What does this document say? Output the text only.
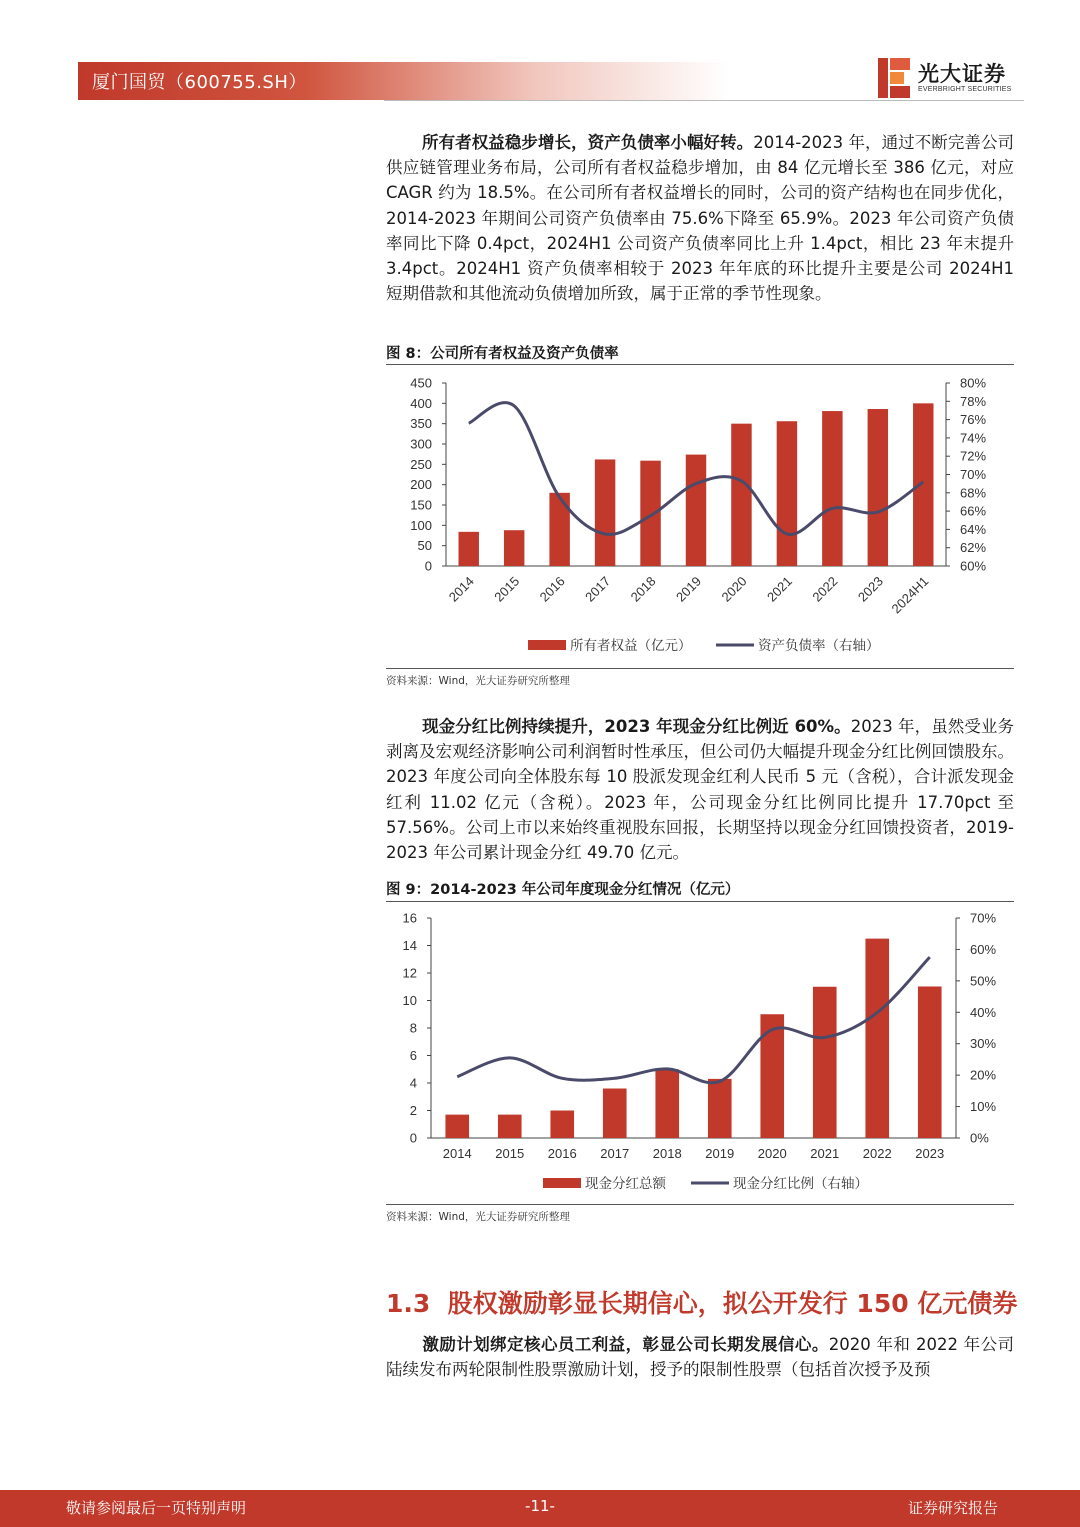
厦门国贸（600755.SH）	光大证券
EVERBRIGHT SECURITIES
所有者权益稳步增长，资产负债率小幅好转。2014-2023 年，通过不断完善公司供应链管理业务布局，公司所有者权益稳步增加，由 84 亿元增长至 386 亿元，对应 CAGR 约为 18.5%。在公司所有者权益增长的同时，公司的资产结构也在同步优化，2014-2023 年期间公司资产负债率由 75.6%下降至 65.9%。2023 年公司资产负债率同比下降 0.4pct，2024H1 公司资产负债率同比上升 1.4pct，相比 23 年末提升 3.4pct。2024H1 资产负债率相较于 2023 年年底的环比提升主要是公司 2024H1 短期借款和其他流动负债增加所致，属于正常的季节性现象。
图 8：公司所有者权益及资产负债率
0
50
100
150
200
250
300
350
400
450
60%
62%
64%
66%
68%
70%
72%
74%
76%
78%
80%
2014 2015 2016 2017 2018 2019 2020 2021 2022 2023 2024H1
所有者权益（亿元）	资产负债率（右轴）
资料来源：Wind，光大证券研究所整理
现金分红比例持续提升，2023 年现金分红比例近 60%。2023 年，虽然受业务剥离及宏观经济影响公司利润暂时性承压，但公司仍大幅提升现金分红比例回馈股东。2023 年度公司向全体股东每 10 股派发现金红利人民币 5 元（含税），合计派发现金红利 11.02 亿元（含税）。2023 年，公司现金分红比例同比提升 17.70pct 至 57.56%。公司上市以来始终重视股东回报，长期坚持以现金分红回馈投资者，2019-2023 年公司累计现金分红 49.70 亿元。
图 9：2014-2023 年公司年度现金分红情况（亿元）
0
2
4
6
8
10
12
14
16
0%
10%
20%
30%
40%
50%
60%
70%
2014 2015 2016 2017 2018 2019 2020 2021 2022 2023
现金分红总额	现金分红比例（右轴）
资料来源：Wind，光大证券研究所整理
1.3 股权激励彰显长期信心，拟公开发行 150 亿元债券
激励计划绑定核心员工利益，彰显公司长期发展信心。2020 年和 2022 年公司陆续发布两轮限制性股票激励计划，授予的限制性股票（包括首次授予及预
敬请参阅最后一页特别声明	-11-	证券研究报告
